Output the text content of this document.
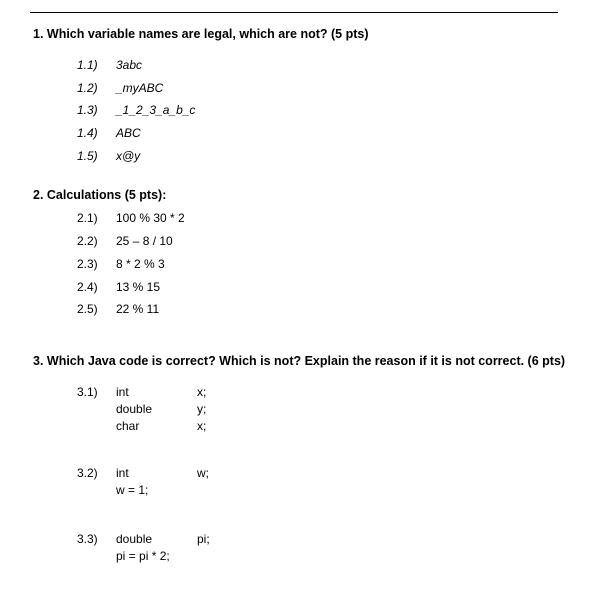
1. Which variable names are legal, which are not? (5 pts)
1.1) 3abc
1.2) _myABC
1.3) _1_2_3_a_b_c
1.4) ABC
1.5) x@y
2. Calculations (5 pts):
2.1) 100 % 30 * 2
2.2) 25 – 8 / 10
2.3) 8 * 2 % 3
2.4) 13 % 15
2.5) 22 % 11
3. Which Java code is correct? Which is not? Explain the reason if it is not correct. (6 pts)
3.1) int	x;
double	y;
char	x;
3.2) int	w;
w = 1;
3.3) double	pi;
pi = pi * 2;
